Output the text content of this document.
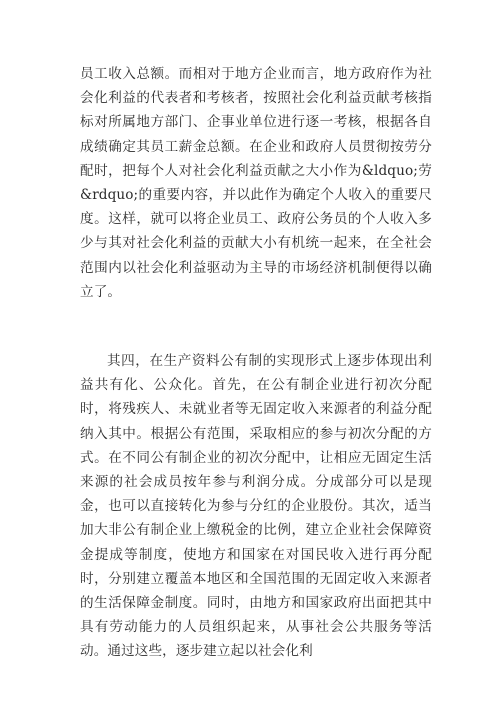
员工收入总额。而相对于地方企业而言，地方政府作为社会化利益的代表者和考核者，按照社会化利益贡献考核指标对所属地方部门、企事业单位进行逐一考核，根据各自成绩确定其员工薪金总额。在企业和政府人员贯彻按劳分配时，把每个人对社会化利益贡献之大小作为&ldquo;劳&rdquo;的重要内容，并以此作为确定个人收入的重要尺度。这样，就可以将企业员工、政府公务员的个人收入多少与其对社会化利益的贡献大小有机统一起来，在全社会范围内以社会化利益驱动为主导的市场经济机制便得以确立了。

其四，在生产资料公有制的实现形式上逐步体现出利益共有化、公众化。首先，在公有制企业进行初次分配时，将残疾人、未就业者等无固定收入来源者的利益分配纳入其中。根据公有范围，采取相应的参与初次分配的方式。在不同公有制企业的初次分配中，让相应无固定生活来源的社会成员按年参与利润分成。分成部分可以是现金，也可以直接转化为参与分红的企业股份。其次，适当加大非公有制企业上缴税金的比例，建立企业社会保障资金提成等制度，使地方和国家在对国民收入进行再分配时，分别建立覆盖本地区和全国范围的无固定收入来源者的生活保障金制度。同时，由地方和国家政府出面把其中具有劳动能力的人员组织起来，从事社会公共服务等活动。通过这些，逐步建立起以社会化利
